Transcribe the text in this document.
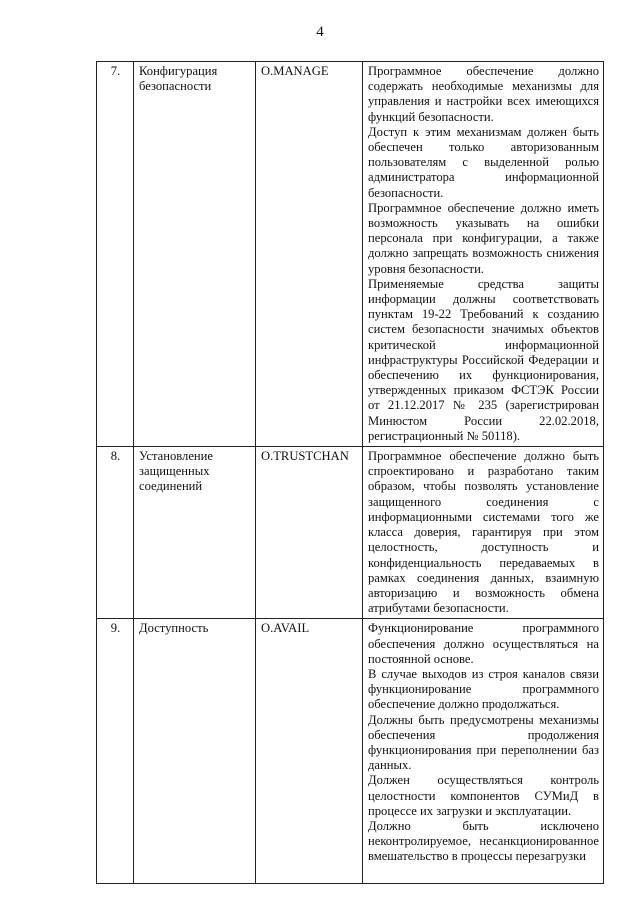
4
7.	Конфигурация безопасности	O.MANAGE	Программное обеспечение должно содержать необходимые механизмы для управления и настройки всех имеющихся функций безопасности.

Доступ к этим механизмам должен быть обеспечен только авторизованным пользователям с выделенной ролью администратора информационной безопасности.

Программное обеспечение должно иметь возможность указывать на ошибки персонала при конфигурации, а также должно запрещать возможность снижения уровня безопасности.

Применяемые средства защиты информации должны соответствовать пунктам 19-22 Требований к созданию систем безопасности значимых объектов критической информационной инфраструктуры Российской Федерации и обеспечению их функционирования, утвержденных приказом ФСТЭК России от 21.12.2017 № 235 (зарегистрирован Минюстом России 22.02.2018, регистрационный № 50118).

8.	Установление защищенных соединений	O.TRUSTCHAN	Программное обеспечение должно быть спроектировано и разработано таким образом, чтобы позволять установление защищенного соединения с информационными системами того же класса доверия, гарантируя при этом целостность, доступность и конфиденциальность передаваемых в рамках соединения данных, взаимную авторизацию и возможность обмена атрибутами безопасности.

9.	Доступность	O.AVAIL	Функционирование программного обеспечения должно осуществляться на постоянной основе.

В случае выходов из строя каналов связи функционирование программного обеспечение должно продолжаться.

Должны быть предусмотрены механизмы обеспечения продолжения функционирования при переполнении баз данных.

Должен осуществляться контроль целостности компонентов СУМиД в процессе их загрузки и эксплуатации.

Должно быть исключено неконтролируемое, несанкционированное вмешательство в процессы перезагрузки
